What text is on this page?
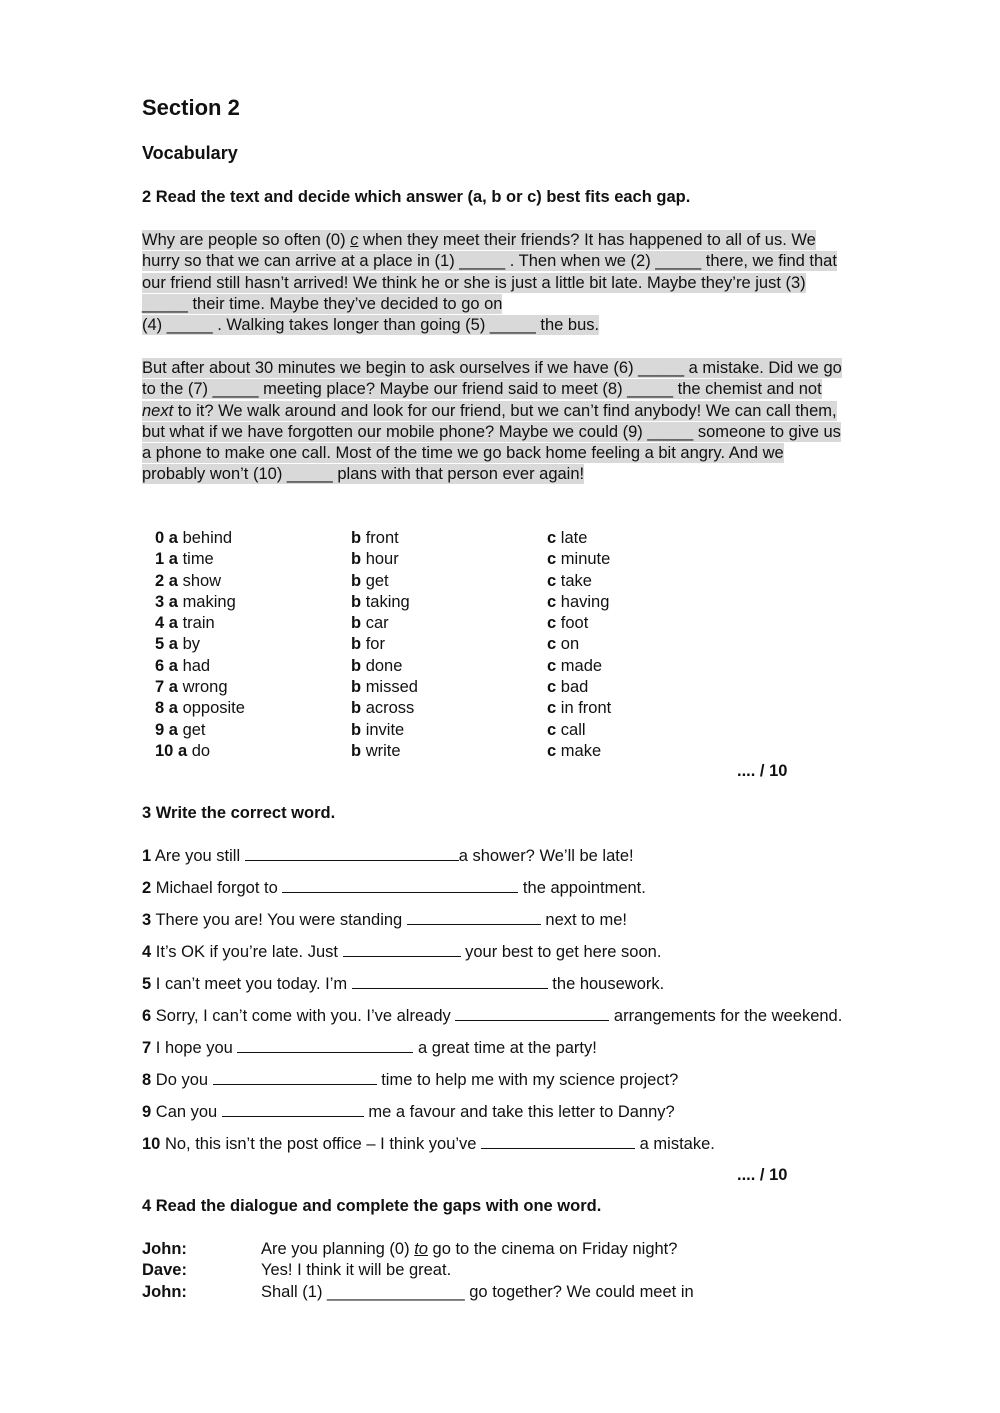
Section 2
Vocabulary
2 Read the text and decide which answer (a, b or c) best fits each gap.
Why are people so often (0) c when they meet their friends? It has happened to all of us. We
hurry so that we can arrive at a place in (1) _____ . Then when we (2) _____ there, we find that
our friend still hasn’t arrived! We think he or she is just a little bit late. Maybe they’re just (3)
_____ their time. Maybe they’ve decided to go on
(4) _____ . Walking takes longer than going (5) _____ the bus.
But after about 30 minutes we begin to ask ourselves if we have (6) _____ a mistake. Did we go
to the (7) _____ meeting place? Maybe our friend said to meet (8) _____ the chemist and not
next to it? We walk around and look for our friend, but we can’t find anybody! We can call them,
but what if we have forgotten our mobile phone? Maybe we could (9) _____ someone to give us
a phone to make one call. Most of the time we go back home feeling a bit angry. And we
probably won’t (10) _____ plans with that person ever again!
0 a behind	b front	c late
1 a time	b hour	c minute
2 a show	b get	c take
3 a making	b taking	c having
4 a train	b car	c foot
5 a by	b for	c on
6 a had	b done	c made
7 a wrong	b missed	c bad
8 a opposite	b across	c in front
9 a get	b invite	c call
10 a do	b write	c make
.... / 10
3 Write the correct word.
1 Are you still	a shower? We’ll be late!
2 Michael forgot to	the appointment.
3 There you are! You were standing	next to me!
4 It’s OK if you’re late. Just	your best to get here soon.
5 I can’t meet you today. I’m	the housework.
6 Sorry, I can’t come with you. I’ve already	arrangements for the weekend.
7 I hope you	a great time at the party!
8 Do you	time to help me with my science project?
9 Can you	me a favour and take this letter to Danny?
10 No, this isn’t the post office – I think you’ve	a mistake.
.... / 10
4 Read the dialogue and complete the gaps with one word.
John:	Are you planning (0) to go to the cinema on Friday night?
Dave:	Yes! I think it will be great.
John:	Shall (1) _______________ go together? We could meet in
